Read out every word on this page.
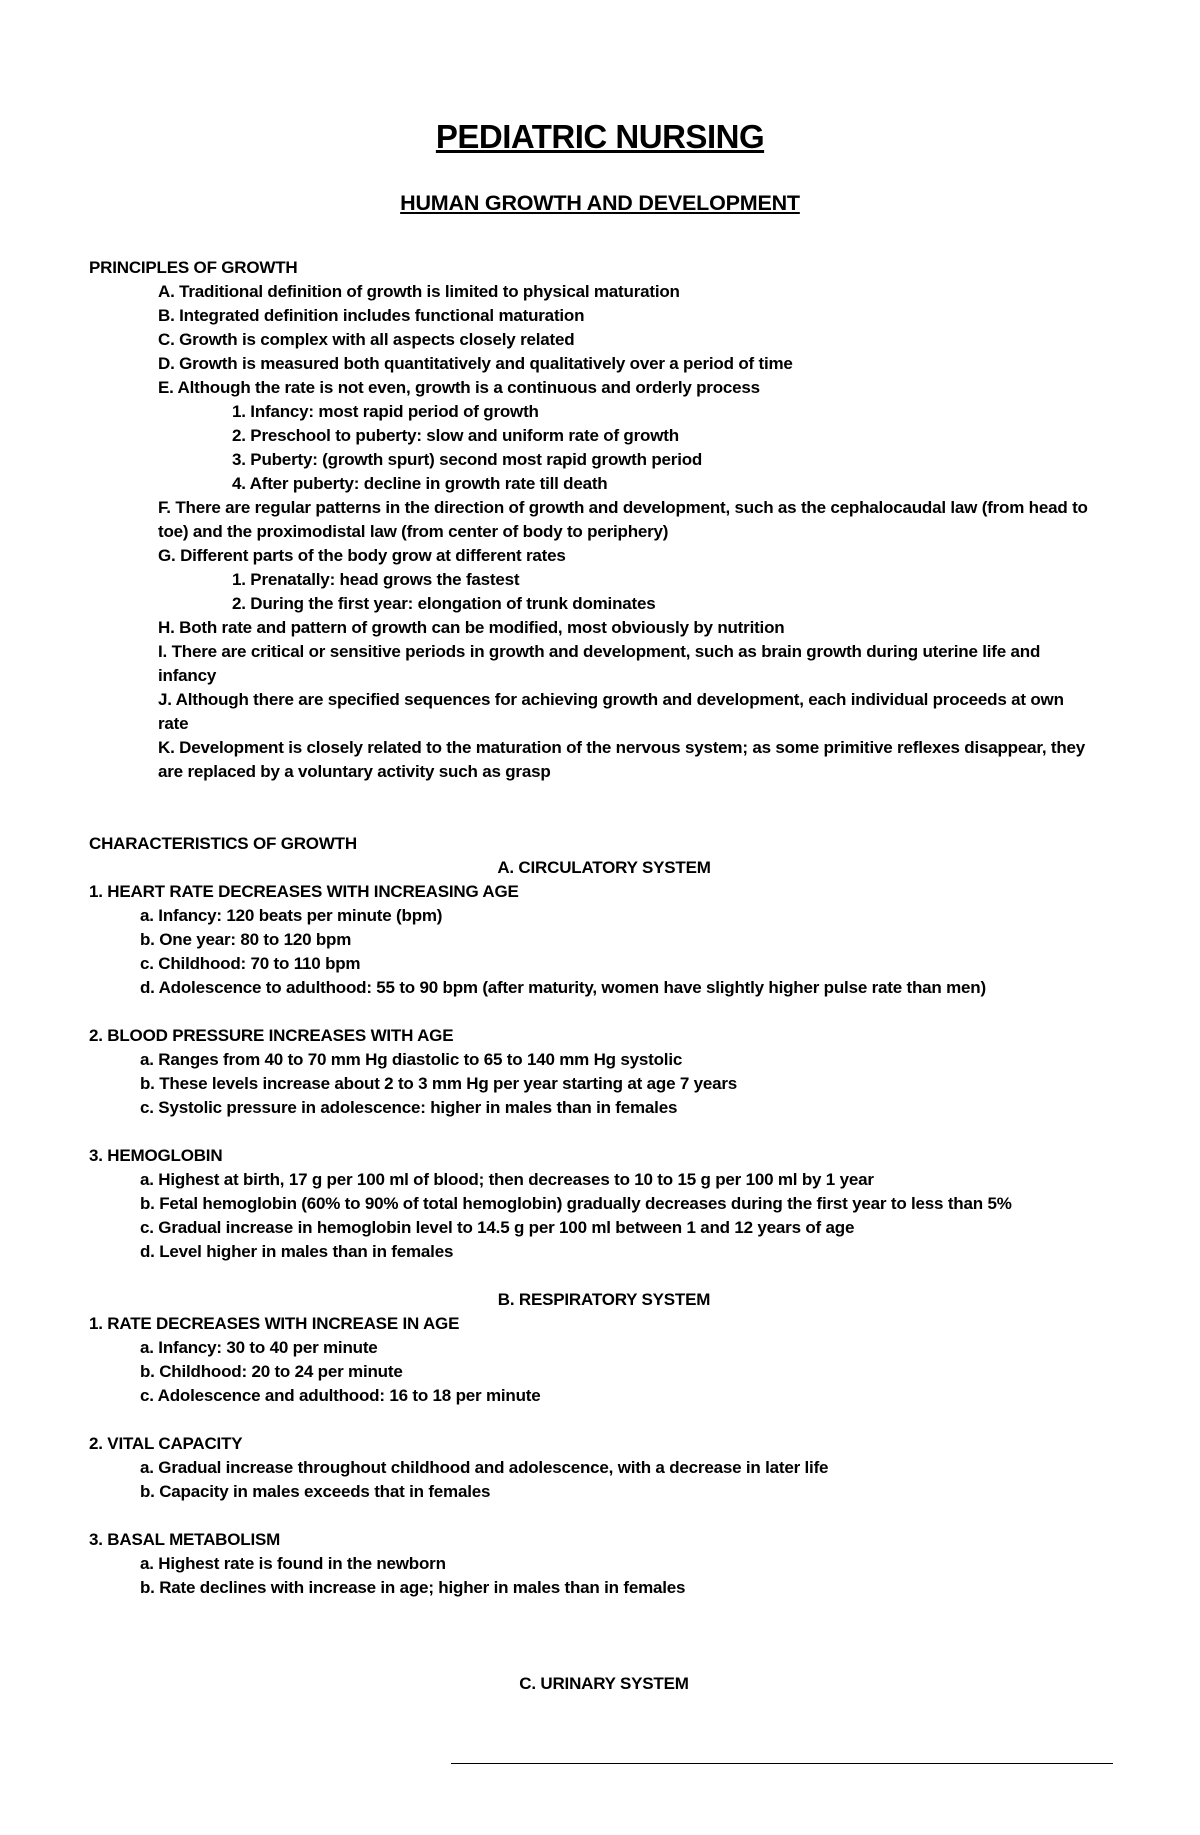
PEDIATRIC NURSING
HUMAN GROWTH AND DEVELOPMENT
PRINCIPLES OF GROWTH
A. Traditional definition of growth is limited to physical maturation
B. Integrated definition includes functional maturation
C. Growth is complex with all aspects closely related
D. Growth is measured both quantitatively and qualitatively over a period of time
E. Although the rate is not even, growth is a continuous and orderly process
1. Infancy: most rapid period of growth
2. Preschool to puberty: slow and uniform rate of growth
3. Puberty: (growth spurt) second most rapid growth period
4. After puberty: decline in growth rate till death
F. There are regular patterns in the direction of growth and development, such as the cephalocaudal law (from head to toe) and the proximodistal law (from center of body to periphery)
G. Different parts of the body grow at different rates
1. Prenatally: head grows the fastest
2. During the first year: elongation of trunk dominates
H. Both rate and pattern of growth can be modified, most obviously by nutrition
I. There are critical or sensitive periods in growth and development, such as brain growth during uterine life and infancy
J. Although there are specified sequences for achieving growth and development, each individual proceeds at own rate
K. Development is closely related to the maturation of the nervous system; as some primitive reflexes disappear, they are replaced by a voluntary activity such as grasp
CHARACTERISTICS OF GROWTH
A. CIRCULATORY SYSTEM
1. HEART RATE DECREASES WITH INCREASING AGE
a. Infancy: 120 beats per minute (bpm)
b. One year: 80 to 120 bpm
c. Childhood: 70 to 110 bpm
d. Adolescence to adulthood: 55 to 90 bpm (after maturity, women have slightly higher pulse rate than men)
2. BLOOD PRESSURE INCREASES WITH AGE
a. Ranges from 40 to 70 mm Hg diastolic to 65 to 140 mm Hg systolic
b. These levels increase about 2 to 3 mm Hg per year starting at age 7 years
c. Systolic pressure in adolescence: higher in males than in females
3. HEMOGLOBIN
a. Highest at birth, 17 g per 100 ml of blood; then decreases to 10 to 15 g per 100 ml by 1 year
b. Fetal hemoglobin (60% to 90% of total hemoglobin) gradually decreases during the first year to less than 5%
c. Gradual increase in hemoglobin level to 14.5 g per 100 ml between 1 and 12 years of age
d. Level higher in males than in females
B. RESPIRATORY SYSTEM
1. RATE DECREASES WITH INCREASE IN AGE
a. Infancy: 30 to 40 per minute
b. Childhood: 20 to 24 per minute
c. Adolescence and adulthood: 16 to 18 per minute
2. VITAL CAPACITY
a. Gradual increase throughout childhood and adolescence, with a decrease in later life
b. Capacity in males exceeds that in females
3. BASAL METABOLISM
a. Highest rate is found in the newborn
b. Rate declines with increase in age; higher in males than in females
C. URINARY SYSTEM
